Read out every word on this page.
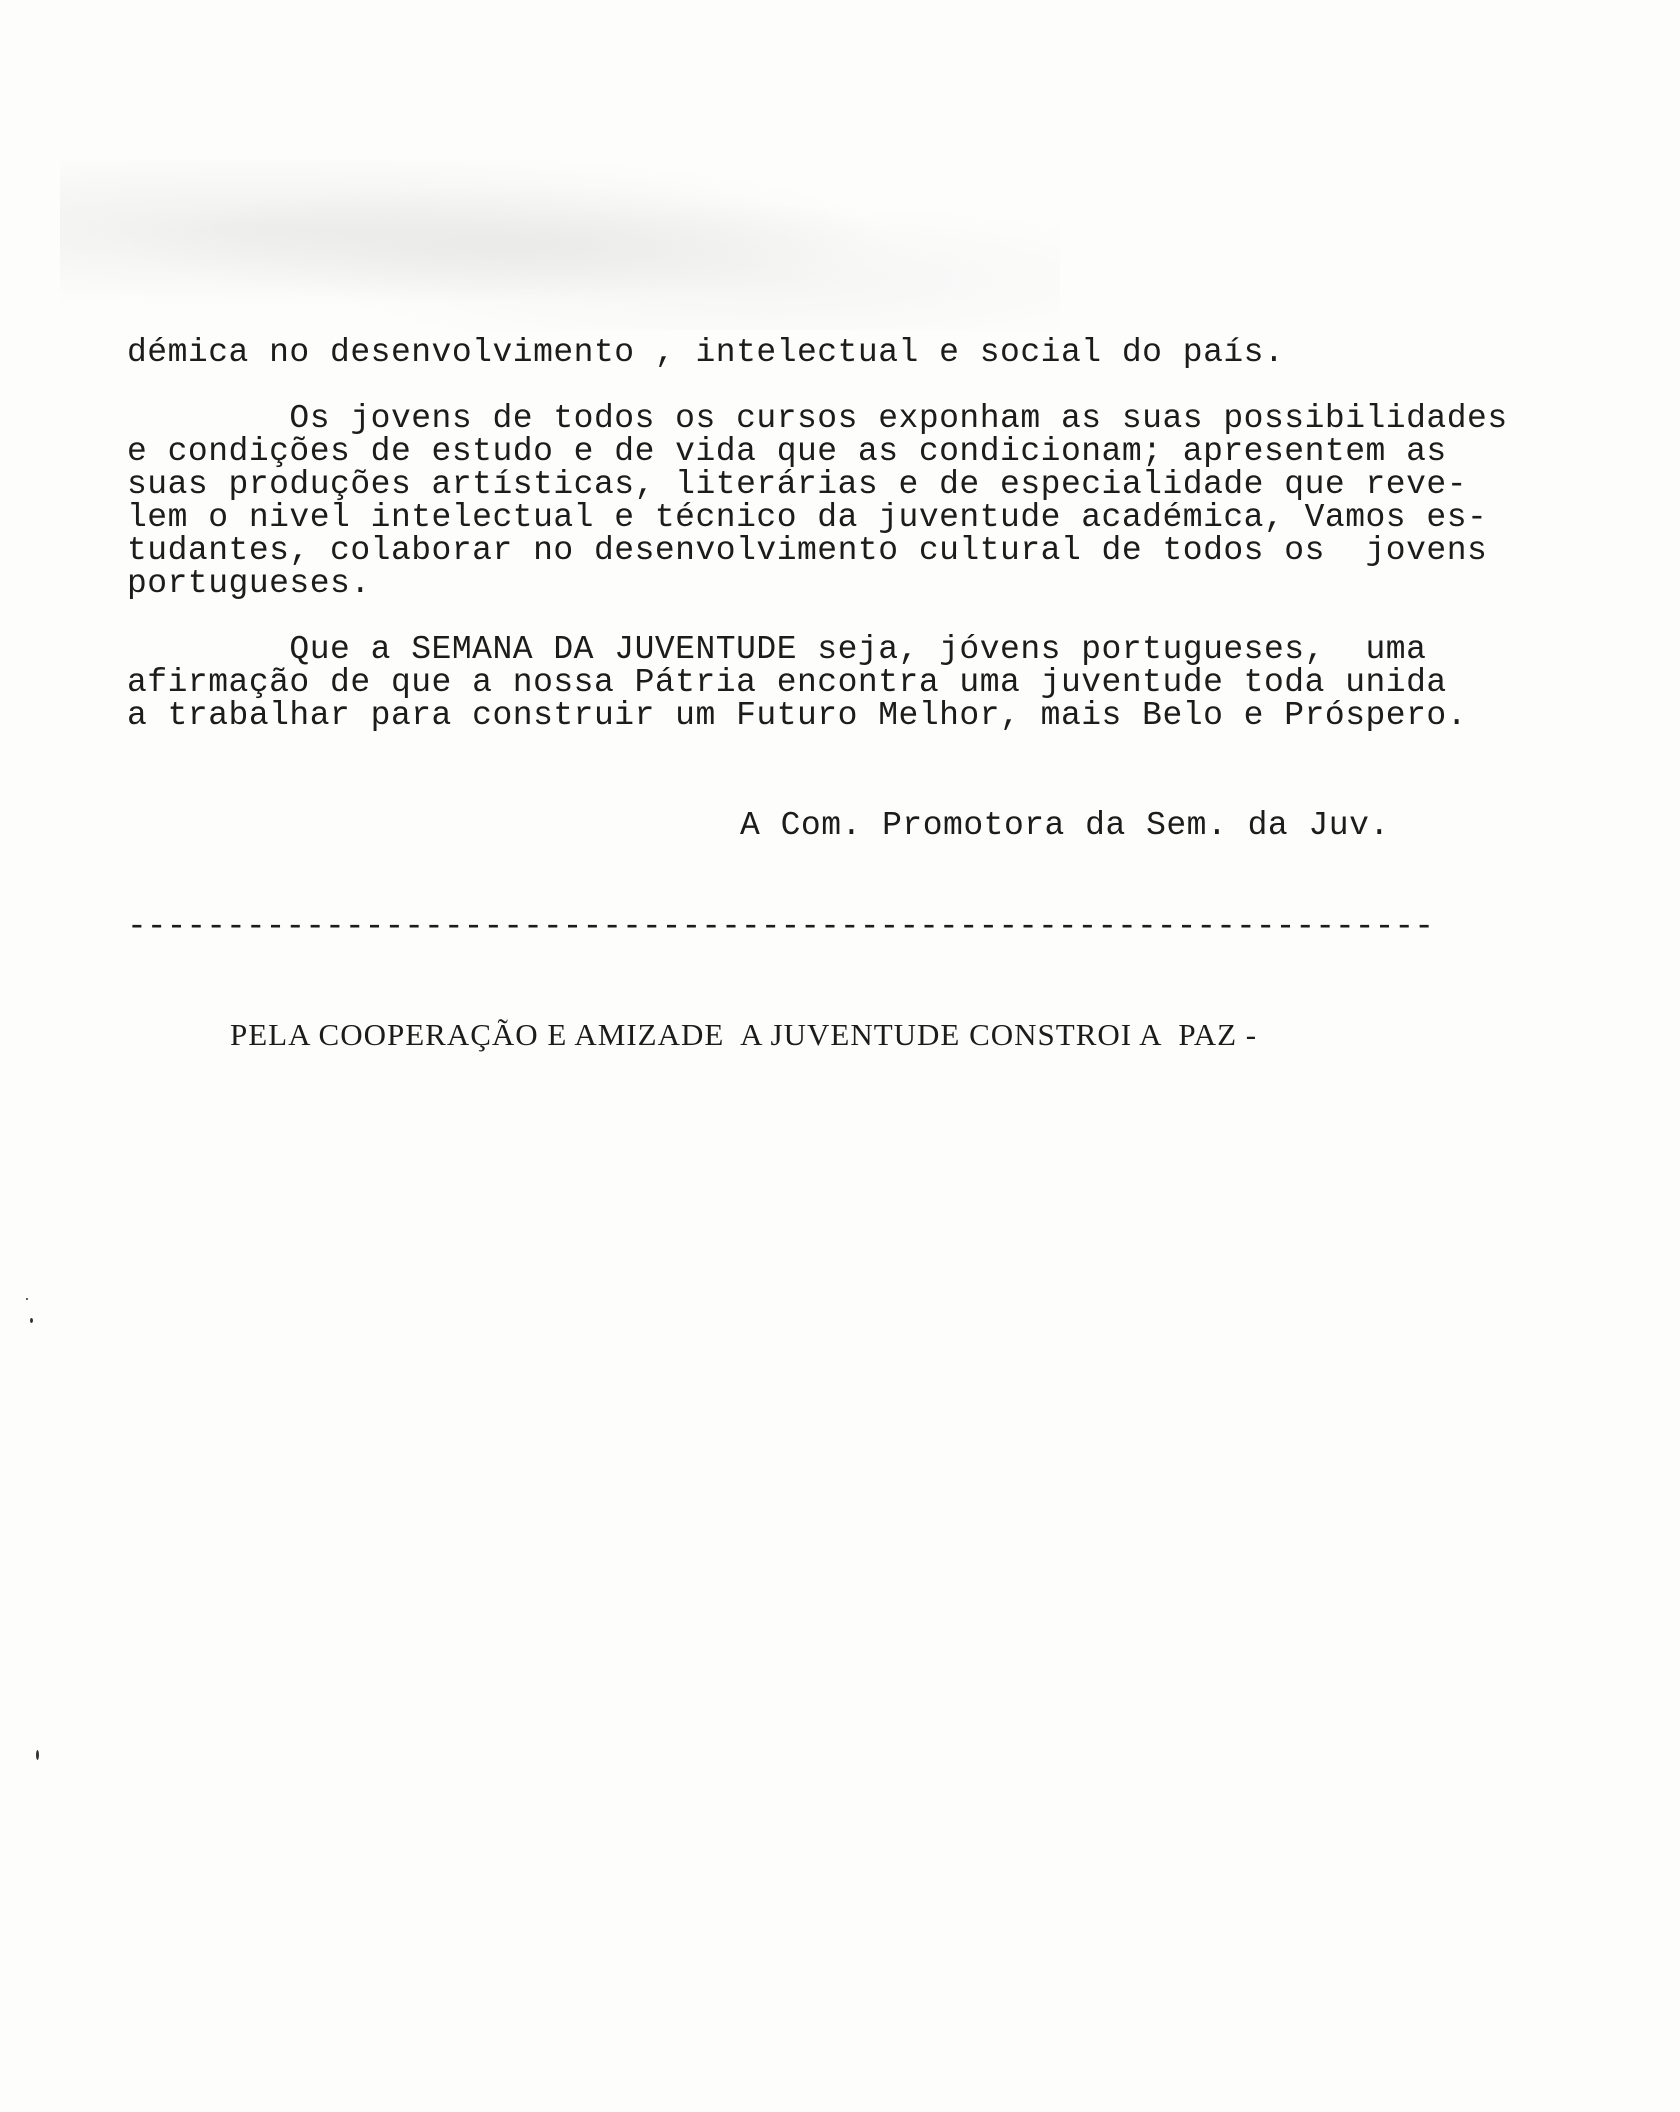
démica no desenvolvimento , intelectual e social do país.
Os jovens de todos os cursos exponham as suas possibilidades
e condições de estudo e de vida que as condicionam; apresentem as
suas produções artísticas, literárias e de especialidade que reve-
lem o nivel intelectual e técnico da juventude académica, Vamos es-
tudantes, colaborar no desenvolvimento cultural de todos os  jovens
portugueses.
Que a SEMANA DA JUVENTUDE seja, jóvens portugueses,  uma
afirmação de que a nossa Pátria encontra uma juventude toda unida
a trabalhar para construir um Futuro Melhor, mais Belo e Próspero.
A Com. Promotora da Sem. da Juv.
------------------------------------------------------------------
PELA COOPERAÇÃO E AMIZADE  A JUVENTUDE CONSTROI A  PAZ -
